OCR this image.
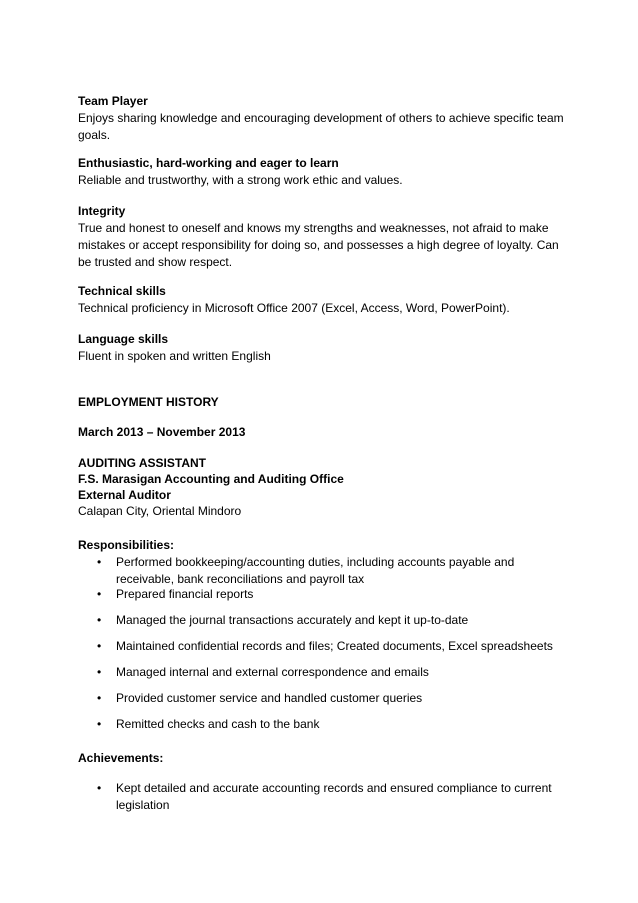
Team Player
Enjoys sharing knowledge and encouraging development of others to achieve specific team goals.
Enthusiastic, hard-working and eager to learn
Reliable and trustworthy, with a strong work ethic and values.
Integrity
True and honest to oneself and knows my strengths and weaknesses, not afraid to make mistakes or accept responsibility for doing so, and possesses a high degree of loyalty. Can be trusted and show respect.
Technical skills
Technical proficiency in Microsoft Office 2007 (Excel, Access, Word, PowerPoint).
Language skills
Fluent in spoken and written English
EMPLOYMENT HISTORY
March 2013 – November 2013
AUDITING ASSISTANT
F.S. Marasigan Accounting and Auditing Office
External Auditor
Calapan City, Oriental Mindoro
Responsibilities:
• Performed bookkeeping/accounting duties, including accounts payable and receivable, bank reconciliations and payroll tax
• Prepared financial reports
• Managed the journal transactions accurately and kept it up-to-date
• Maintained confidential records and files; Created documents, Excel spreadsheets
• Managed internal and external correspondence and emails
• Provided customer service and handled customer queries
• Remitted checks and cash to the bank
Achievements:
• Kept detailed and accurate accounting records and ensured compliance to current legislation
